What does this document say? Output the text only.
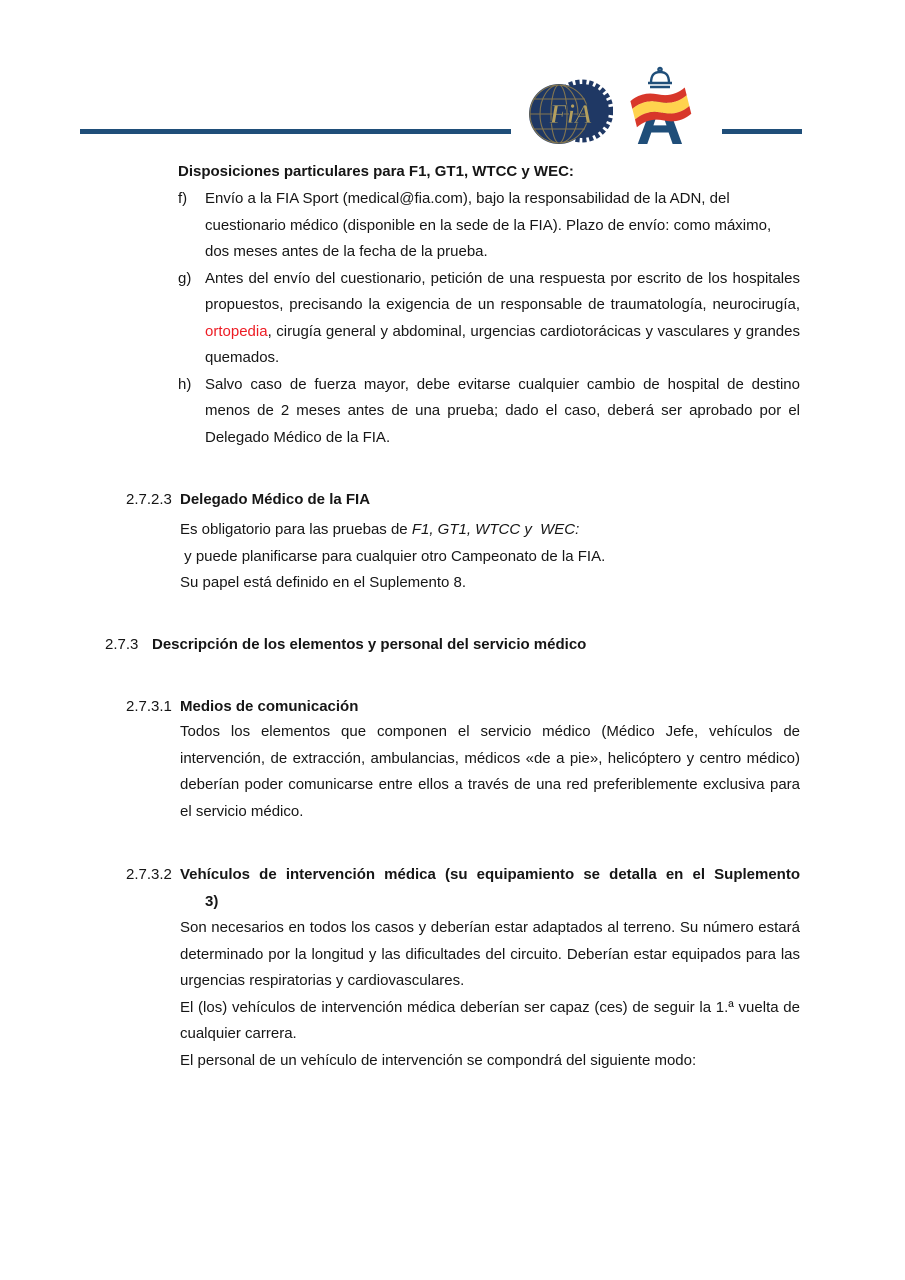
FiA
Disposiciones particulares para F1, GT1, WTCC y WEC:
f)	Envío a la FIA Sport (medical@fia.com), bajo la responsabilidad de la ADN, del cuestionario médico (disponible en la sede de la FIA). Plazo de envío: como máximo, dos meses antes de la fecha de la prueba.
g) Antes del envío del cuestionario, petición de una respuesta por escrito de los hospitales propuestos, precisando la exigencia de un responsable de traumatología, neurocirugía, ortopedia, cirugía general y abdominal, urgencias cardiotorácicas y vasculares y grandes quemados.
h) Salvo caso de fuerza mayor, debe evitarse cualquier cambio de hospital de destino menos de 2 meses antes de una prueba; dado el caso, deberá ser aprobado por el Delegado Médico de la FIA.
2.7.2.3 Delegado Médico de la FIA
Es obligatorio para las pruebas de F1, GT1, WTCC y  WEC:
y puede planificarse para cualquier otro Campeonato de la FIA.
Su papel está definido en el Suplemento 8.
2.7.3 Descripción de los elementos y personal del servicio médico
2.7.3.1 Medios de comunicación
Todos los elementos que componen el servicio médico (Médico Jefe, vehículos de intervención, de extracción, ambulancias, médicos «de a pie», helicóptero y centro médico) deberían poder comunicarse entre ellos a través de una red preferiblemente exclusiva para el servicio médico.
2.7.3.2 Vehículos de intervención médica (su equipamiento se detalla en el Suplemento
3)
Son necesarios en todos los casos y deberían estar adaptados al terreno. Su número estará determinado por la longitud y las dificultades del circuito. Deberían estar equipados para las urgencias respiratorias y cardiovasculares.
El (los) vehículos de intervención médica deberían ser capaz (ces) de seguir la 1.ª vuelta de cualquier carrera.
El personal de un vehículo de intervención se compondrá del siguiente modo:
